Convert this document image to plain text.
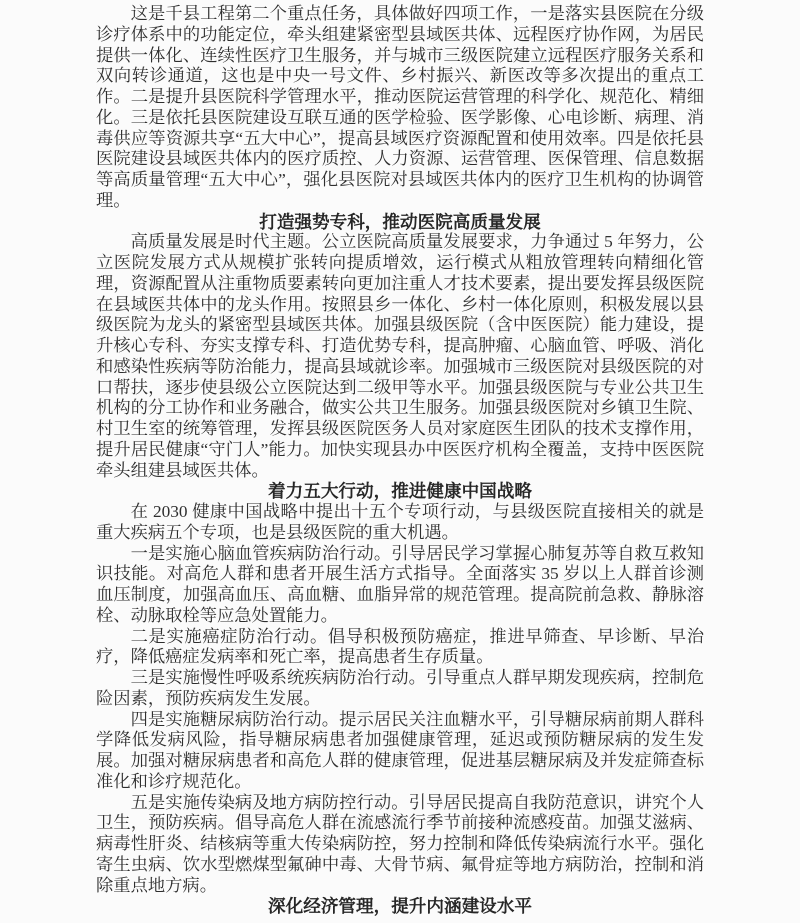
这是千县工程第二个重点任务，具体做好四项工作，一是落实县医院在分级诊疗体系中的功能定位，牵头组建紧密型县域医共体、远程医疗协作网，为居民提供一体化、连续性医疗卫生服务，并与城市三级医院建立远程医疗服务关系和双向转诊通道，这也是中央一号文件、乡村振兴、新医改等多次提出的重点工作。二是提升县医院科学管理水平，推动医院运营管理的科学化、规范化、精细化。三是依托县医院建设互联互通的医学检验、医学影像、心电诊断、病理、消毒供应等资源共享“五大中心”，提高县域医疗资源配置和使用效率。四是依托县医院建设县域医共体内的医疗质控、人力资源、运营管理、医保管理、信息数据等高质量管理“五大中心”，强化县医院对县域医共体内的医疗卫生机构的协调管理。

打造强势专科，推动医院高质量发展

高质量发展是时代主题。公立医院高质量发展要求，力争通过 5 年努力，公立医院发展方式从规模扩张转向提质增效，运行模式从粗放管理转向精细化管理，资源配置从注重物质要素转向更加注重人才技术要素，提出要发挥县级医院在县域医共体中的龙头作用。按照县乡一体化、乡村一体化原则，积极发展以县级医院为龙头的紧密型县域医共体。加强县级医院（含中医医院）能力建设，提升核心专科、夯实支撑专科、打造优势专科，提高肿瘤、心脑血管、呼吸、消化和感染性疾病等防治能力，提高县域就诊率。加强城市三级医院对县级医院的对口帮扶，逐步使县级公立医院达到二级甲等水平。加强县级医院与专业公共卫生机构的分工协作和业务融合，做实公共卫生服务。加强县级医院对乡镇卫生院、村卫生室的统筹管理，发挥县级医院医务人员对家庭医生团队的技术支撑作用，提升居民健康“守门人”能力。加快实现县办中医医疗机构全覆盖，支持中医医院牵头组建县域医共体。

着力五大行动，推进健康中国战略

在 2030 健康中国战略中提出十五个专项行动，与县级医院直接相关的就是重大疾病五个专项，也是县级医院的重大机遇。

一是实施心脑血管疾病防治行动。引导居民学习掌握心肺复苏等自救互救知识技能。对高危人群和患者开展生活方式指导。全面落实 35 岁以上人群首诊测血压制度，加强高血压、高血糖、血脂异常的规范管理。提高院前急救、静脉溶栓、动脉取栓等应急处置能力。

二是实施癌症防治行动。倡导积极预防癌症，推进早筛查、早诊断、早治疗，降低癌症发病率和死亡率，提高患者生存质量。

三是实施慢性呼吸系统疾病防治行动。引导重点人群早期发现疾病，控制危险因素，预防疾病发生发展。

四是实施糖尿病防治行动。提示居民关注血糖水平，引导糖尿病前期人群科学降低发病风险，指导糖尿病患者加强健康管理，延迟或预防糖尿病的发生发展。加强对糖尿病患者和高危人群的健康管理，促进基层糖尿病及并发症筛查标准化和诊疗规范化。

五是实施传染病及地方病防控行动。引导居民提高自我防范意识，讲究个人卫生，预防疾病。倡导高危人群在流感流行季节前接种流感疫苗。加强艾滋病、病毒性肝炎、结核病等重大传染病防控，努力控制和降低传染病流行水平。强化寄生虫病、饮水型燃煤型氟砷中毒、大骨节病、氟骨症等地方病防治，控制和消除重点地方病。

深化经济管理，提升内涵建设水平
